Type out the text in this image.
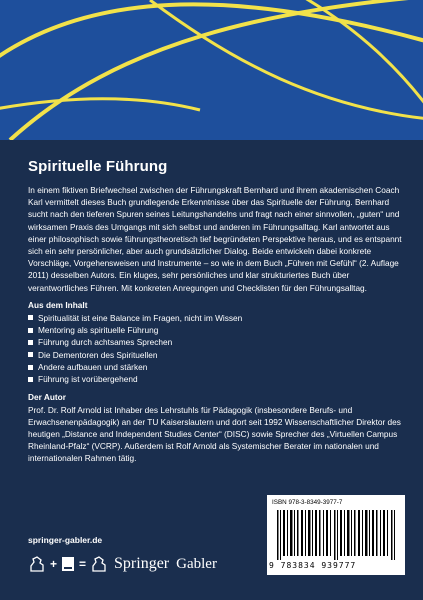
Spirituelle Führung

In einem fiktiven Briefwechsel zwischen der Führungskraft Bernhard und ihrem akademischen Coach Karl vermittelt dieses Buch grundlegende Erkenntnisse über das Spirituelle der Führung. Bernhard sucht nach den tieferen Spuren seines Leitungshandelns und fragt nach einer sinnvollen, „guten“ und wirksamen Praxis des Umgangs mit sich selbst und anderen im Führungsalltag. Karl antwortet aus einer philosophisch sowie führungstheoretisch tief begründeten Perspektive heraus, und es entspannt sich ein sehr persönlicher, aber auch grundsätzlicher Dialog. Beide entwickeln dabei konkrete Vorschläge, Vorgehensweisen und Instrumente – so wie in dem Buch „Führen mit Gefühl“ (2. Auflage 2011) desselben Autors. Ein kluges, sehr persönliches und klar strukturiertes Buch über verantwortliches Führen. Mit konkreten Anregungen und Checklisten für den Führungsalltag.

Aus dem Inhalt
Spiritualität ist eine Balance im Fragen, nicht im Wissen
Mentoring als spirituelle Führung
Führung durch achtsames Sprechen
Die Dementoren des Spirituellen
Andere aufbauen und stärken
Führung ist vorübergehend
Der Autor

Prof. Dr. Rolf Arnold ist Inhaber des Lehrstuhls für Pädagogik (insbesondere Berufs- und Erwachsenenpädagogik) an der TU Kaiserslautern und dort seit 1992 Wissenschaftlicher Direktor des heutigen „Distance and Independent Studies Center“ (DISC) sowie Sprecher des „Virtuellen Campus Rheinland-Pfalz“ (VCRP). Außerdem ist Rolf Arnold als Systemischer Berater im nationalen und internationalen Rahmen tätig.

ISBN 978-3-8349-3977-7
9 783834 939777
springer-gabler.de
+ = Springer Gabler
